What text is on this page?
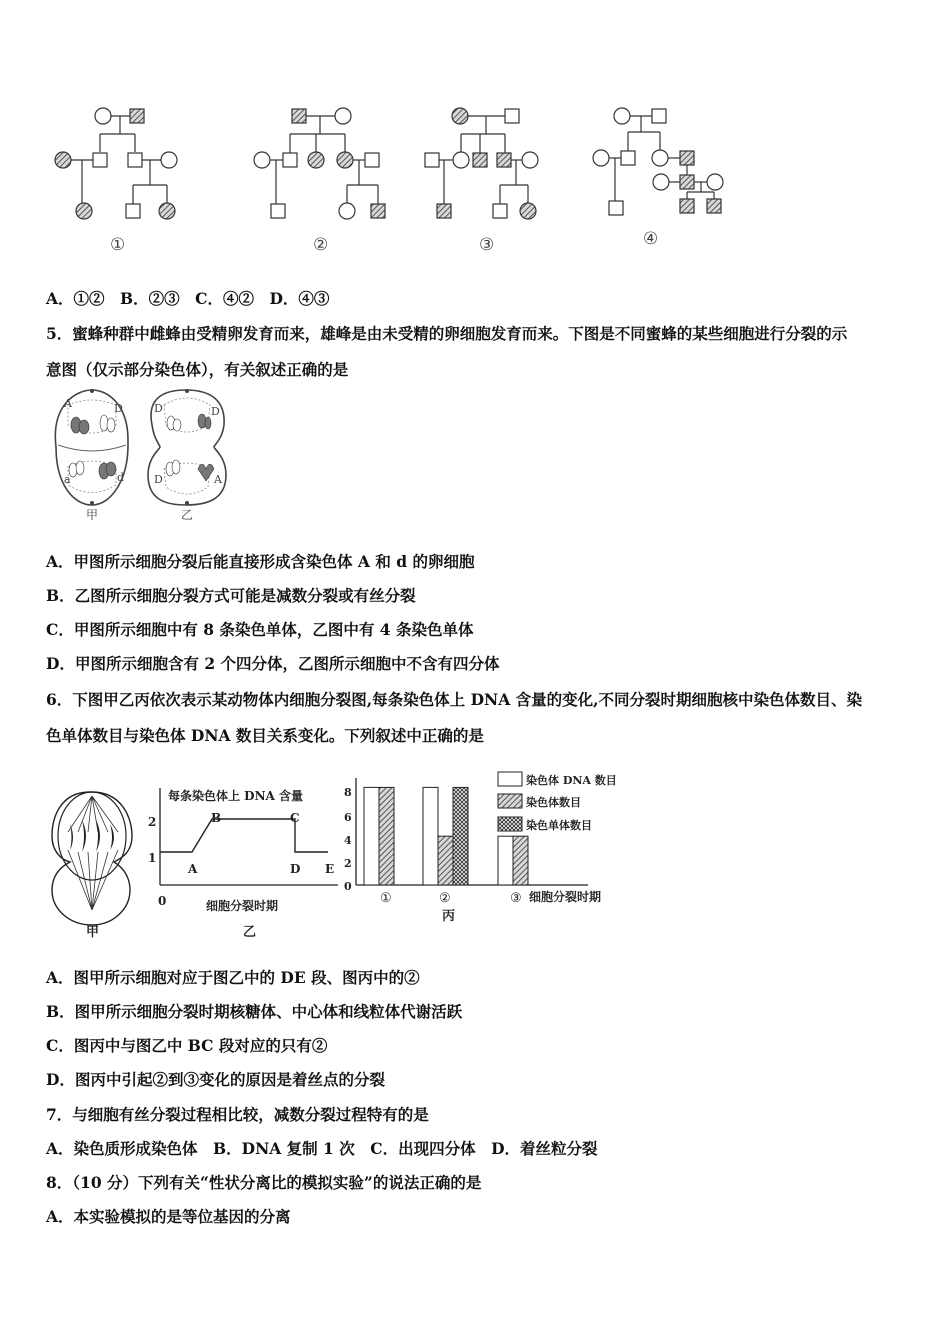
①	②	③	④
A．①②　B．②③　C．④②　D．④③
5．蜜蜂种群中雌蜂由受精卵发育而来，雄峰是由未受精的卵细胞发育而来。下图是不同蜜蜂的某些细胞进行分裂的示
意图（仅示部分染色体），有关叙述正确的是
A	D
a	d
甲
D	D
D	A
乙
A．甲图所示细胞分裂后能直接形成含染色体 A 和 d 的卵细胞
B．乙图所示细胞分裂方式可能是减数分裂或有丝分裂
C．甲图所示细胞中有 8 条染色单体，乙图中有 4 条染色单体
D．甲图所示细胞含有 2 个四分体，乙图所示细胞中不含有四分体
6．下图甲乙丙依次表示某动物体内细胞分裂图,每条染色体上 DNA 含量的变化,不同分裂时期细胞核中染色体数目、染
色单体数目与染色体 DNA 数目关系变化。下列叙述中正确的是
甲
每条染色体上 DNA 含量
2
1
0
A
B	C
D E
细胞分裂时期
乙
8
6
4
2
0
①	②	③ 细胞分裂时期
丙
染色体 DNA 数目
染色体数目
染色单体数目
A．图甲所示细胞对应于图乙中的 DE 段、图丙中的②
B．图甲所示细胞分裂时期核糖体、中心体和线粒体代谢活跃
C．图丙中与图乙中 BC 段对应的只有②
D．图丙中引起②到③变化的原因是着丝点的分裂
7．与细胞有丝分裂过程相比较，减数分裂过程特有的是
A．染色质形成染色体　B．DNA 复制 1 次　C．出现四分体　D．着丝粒分裂
8．（10 分）下列有关“性状分离比的模拟实验”的说法正确的是
A．本实验模拟的是等位基因的分离
